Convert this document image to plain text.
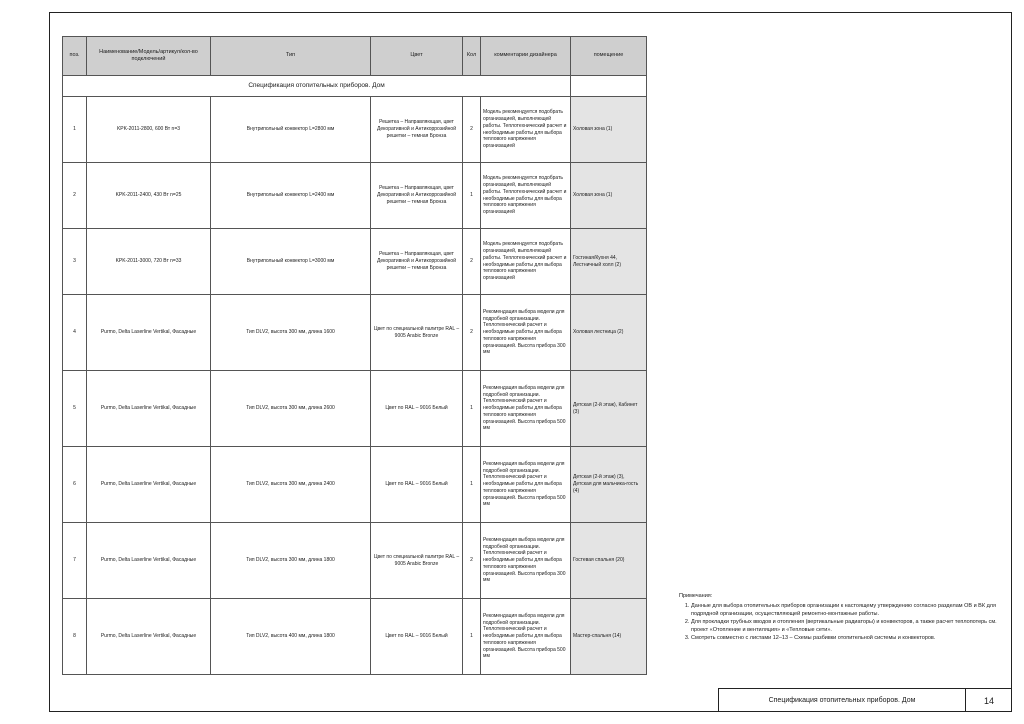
Спецификация отопительных приборов. Дом						
поз.	Наименование/Модель/артикул/кол-во подключений	Тип	Цвет	Кол	комментарии дизайнера	помещение
1	KPK-2011-2800, 600 Вт n=3	Внутрипольный конвектор L=2800 мм	Решетка – Направляющая, цвет Декоративной и Антикоррозийной решетки – темная Бронза	2	Модель рекомендуется подобрать организацией, выполняющей работы. Теплотехнический расчет и необходимые работы для выбора теплового напряжения организацией	Холовая зона (1)
2	KPK-2011-2400, 430 Вт n=25	Внутрипольный конвектор L=2400 мм	Решетка – Направляющая, цвет Декоративной и Антикоррозийной решетки – темная Бронза	1	Модель рекомендуется подобрать организацией, выполняющей работы. Теплотехнический расчет и необходимые работы для выбора теплового напряжения организацией	Холовая зона (1)
3	KPK-2011-3000, 720 Вт n=33	Внутрипольный конвектор L=3000 мм	Решетка – Направляющая, цвет Декоративной и Антикоррозийной решетки – темная Бронза	2	Модель рекомендуется подобрать организацией, выполняющей работы. Теплотехнический расчет и необходимые работы для выбора теплового напряжения организацией	Гостиная/Кухня 44, Лестничный холл (2)
4	Purmo, Delta Laserline Vertikal, Фасадные	Тип DLV2, высота 300 мм, длина 1600	Цвет по специальной палитре RAL – 9005 Arabic Bronze	2	Рекомендация выбора модели для подробной организации. Теплотехнический расчет и необходимые работы для выбора теплового напряжения организацией. Высота прибора 300 мм	Холовая лестница (2)
5	Purmo, Delta Laserline Vertikal, Фасадные	Тип DLV2, высота 300 мм, длина 2600	Цвет по RAL – 9016 Белый	1	Рекомендация выбора модели для подробной организации. Теплотехнический расчет и необходимые работы для выбора теплового напряжения организацией. Высота прибора 500 мм	Детская (2-й этаж), Кабинет (3)
6	Purmo, Delta Laserline Vertikal, Фасадные	Тип DLV2, высота 300 мм, длина 2400	Цвет по RAL – 9016 Белый	1	Рекомендация выбора модели для подробной организации. Теплотехнический расчет и необходимые работы для выбора теплового напряжения организацией. Высота прибора 500 мм	Детская (2-й этаж) (3), Детская для мальчика-гость (4)
7	Purmo, Delta Laserline Vertikal, Фасадные	Тип DLV2, высота 300 мм, длина 1800	Цвет по специальной палитре RAL – 9005 Arabic Bronze	2	Рекомендация выбора модели для подробной организации. Теплотехнический расчет и необходимые работы для выбора теплового напряжения организацией. Высота прибора 300 мм	Гостевая спальня (20)
8	Purmo, Delta Laserline Vertikal, Фасадные	Тип DLV2, высота 400 мм, длина 1800	Цвет по RAL – 9016 Белый	1	Рекомендация выбора модели для подробной организации. Теплотехнический расчет и необходимые работы для выбора теплового напряжения организацией. Высота прибора 500 мм	Мастер-спальня (14)
Примечания:
1. Данные для выбора отопительных приборов организации к настоящему утверждению согласно разделам ОВ и ВК для подрядной организации, осуществляющей ремонтно-монтажные работы.
2. Для прокладки трубных вводов и отопления (вертикальные радиаторы) и конвекторов, а также расчет теплопотерь см. проект «Отопление и вентиляция» и «Тепловые сети».
3. Смотреть совместно с листами 12–13 – Схемы разбивки отопительной системы и конвекторов.
Спецификация отопительных приборов. Дом	14
